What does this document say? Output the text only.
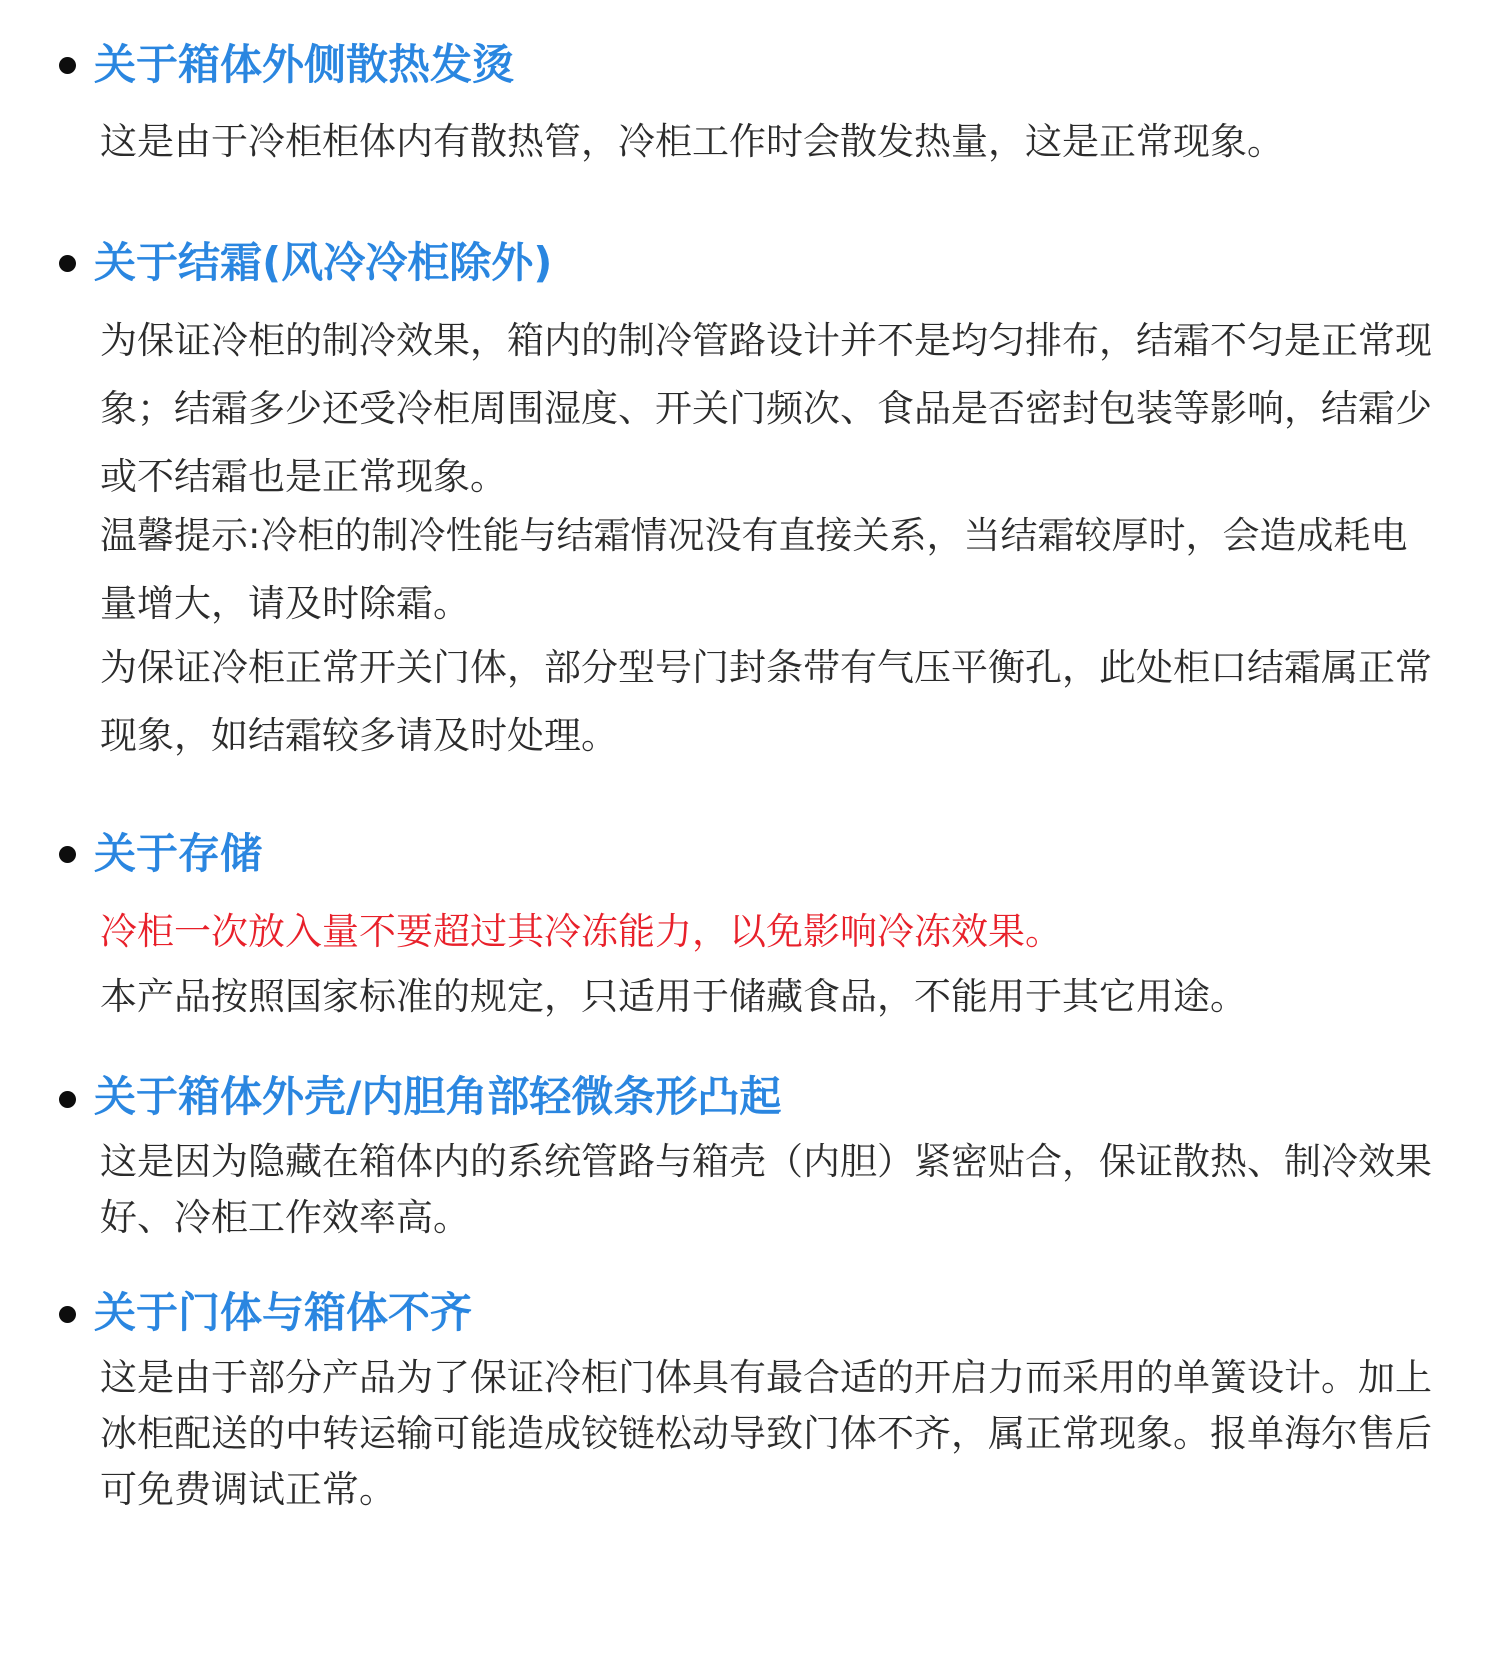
关于箱体外侧散热发烫

这是由于冷柜柜体内有散热管，冷柜工作时会散发热量，这是正常现象。

关于结霜(风冷冷柜除外)

为保证冷柜的制冷效果，箱内的制冷管路设计并不是均匀排布，结霜不匀是正常现象；结霜多少还受冷柜周围湿度、开关门频次、食品是否密封包装等影响，结霜少或不结霜也是正常现象。

温馨提示:冷柜的制冷性能与结霜情况没有直接关系，当结霜较厚时，会造成耗电量增大，请及时除霜。

为保证冷柜正常开关门体，部分型号门封条带有气压平衡孔，此处柜口结霜属正常现象，如结霜较多请及时处理。

关于存储

冷柜一次放入量不要超过其冷冻能力，以免影响冷冻效果。

本产品按照国家标准的规定，只适用于储藏食品，不能用于其它用途。

关于箱体外壳/内胆角部轻微条形凸起

这是因为隐藏在箱体内的系统管路与箱壳（内胆）紧密贴合，保证散热、制冷效果好、冷柜工作效率高。

关于门体与箱体不齐

这是由于部分产品为了保证冷柜门体具有最合适的开启力而采用的单簧设计。加上冰柜配送的中转运输可能造成铰链松动导致门体不齐，属正常现象。报单海尔售后可免费调试正常。
